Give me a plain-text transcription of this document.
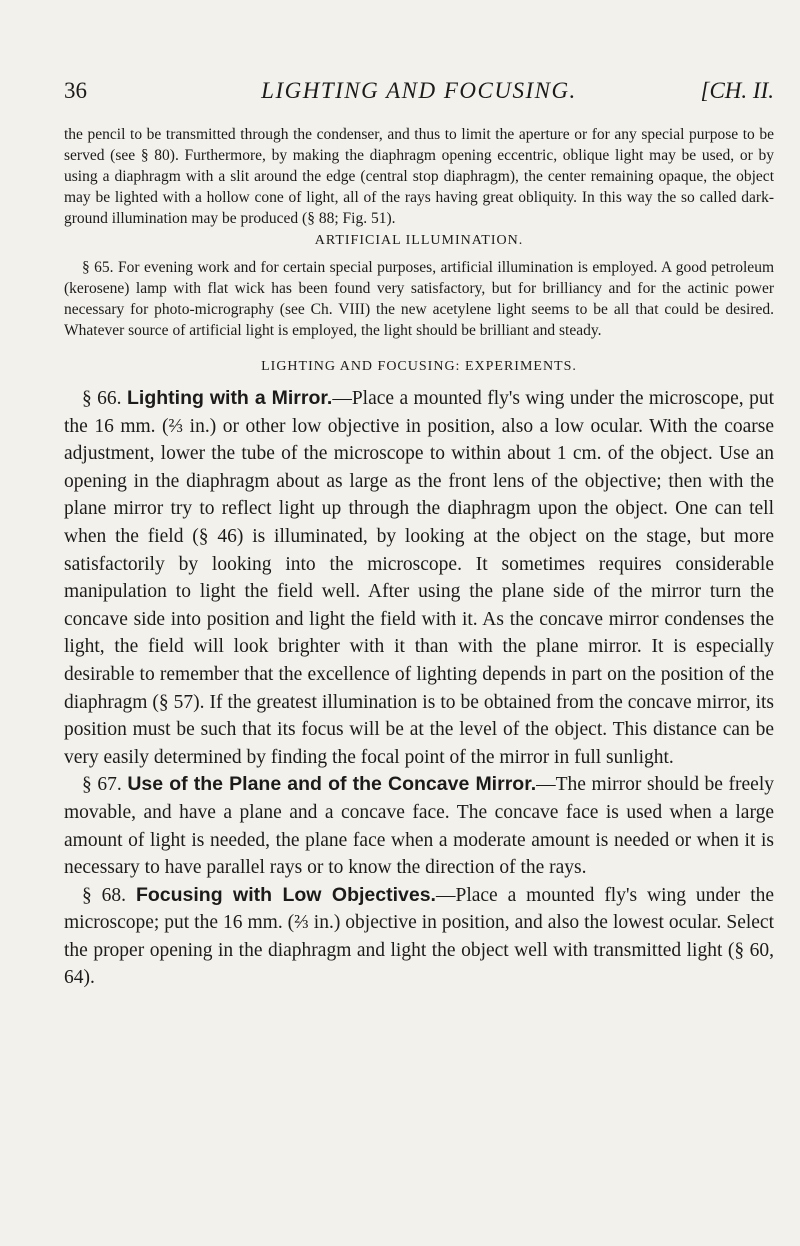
36	LIGHTING AND FOCUSING.	[CH. II.

the pencil to be transmitted through the condenser, and thus to limit the aperture or for any special purpose to be served (see § 80). Furthermore, by making the diaphragm opening eccentric, oblique light may be used, or by using a diaphragm with a slit around the edge (central stop diaphragm), the center remaining opaque, the object may be lighted with a hollow cone of light, all of the rays having great obliquity. In this way the so called dark-ground illumination may be produced (§ 88; Fig. 51).

ARTIFICIAL ILLUMINATION.

§ 65. For evening work and for certain special purposes, artificial illumination is employed. A good petroleum (kerosene) lamp with flat wick has been found very satisfactory, but for brilliancy and for the actinic power necessary for photo-micrography (see Ch. VIII) the new acetylene light seems to be all that could be desired. Whatever source of artificial light is employed, the light should be brilliant and steady.

LIGHTING AND FOCUSING: EXPERIMENTS.

§ 66. Lighting with a Mirror.—Place a mounted fly's wing under the microscope, put the 16 mm. (⅔ in.) or other low objective in position, also a low ocular. With the coarse adjustment, lower the tube of the microscope to within about 1 cm. of the object. Use an opening in the diaphragm about as large as the front lens of the objective; then with the plane mirror try to reflect light up through the diaphragm upon the object. One can tell when the field (§ 46) is illuminated, by looking at the object on the stage, but more satisfactorily by looking into the microscope. It sometimes requires considerable manipulation to light the field well. After using the plane side of the mirror turn the concave side into position and light the field with it. As the concave mirror condenses the light, the field will look brighter with it than with the plane mirror. It is especially desirable to remember that the excellence of lighting depends in part on the position of the diaphragm (§ 57). If the greatest illumination is to be obtained from the concave mirror, its position must be such that its focus will be at the level of the object. This distance can be very easily determined by finding the focal point of the mirror in full sunlight.

§ 67. Use of the Plane and of the Concave Mirror.—The mirror should be freely movable, and have a plane and a concave face. The concave face is used when a large amount of light is needed, the plane face when a moderate amount is needed or when it is necessary to have parallel rays or to know the direction of the rays.

§ 68. Focusing with Low Objectives.—Place a mounted fly's wing under the microscope; put the 16 mm. (⅔ in.) objective in position, and also the lowest ocular. Select the proper opening in the diaphragm and light the object well with transmitted light (§ 60, 64).
